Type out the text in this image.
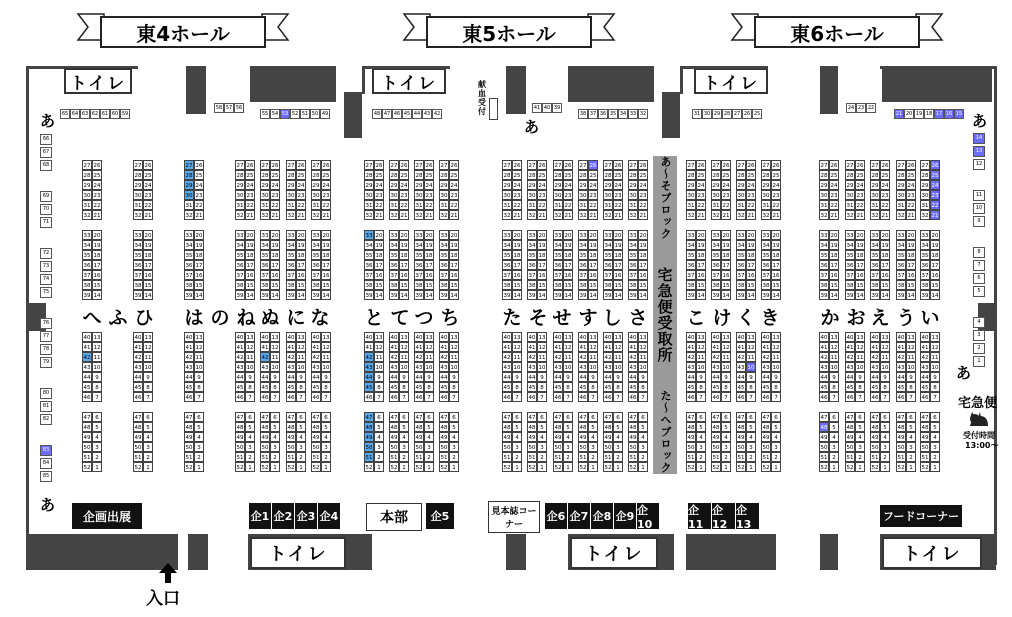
東4ホール	東5ホール	東6ホール
トイレ	トイレ	トイレ
献血受付
65 64 63 62 61 60 59
58 57 56
55 54 53 52 51 50 49	48 47 46 45 44 43 42
41 40 39
38 37 36 35 34 33 32	31 30 29 28 27 26 25
24 23 22
21 20 19 18 17 16 15
あ	あ	あ
あ
あ
66
67
68
69
70
71
72
73
74
75
76
77
78
79
80
81
82
83
84
85
14
13
12
11
10
9
8
7
6
5
4
3
2
1
27 26
28 25
29 24
30 23
31 22
32 21
33 20
34 19
35 18
36 17
37 16
38 15
39 14
40 13
41 12
42 11
43 10
44 9
45 8
46 7
47 6
48 5
49 4
50 3
51 2
52 1
27 26
28 25
29 24
30 23
31 22
32 21
33 20
34 19
35 18
36 17
37 16
38 15
39 14
40 13
41 12
42 11
43 10
44 9
45 8
46 7
47 6
48 5
49 4
50 3
51 2
52 1
27 26
28 25
29 24
30 23
31 22
32 21
33 20
34 19
35 18
36 17
37 16
38 15
39 14
40 13
41 12
42 11
43 10
44 9
45 8
46 7
47 6
48 5
49 4
50 3
51 2
52 1
27 26
28 25
29 24
30 23
31 22
32 21
33 20
34 19
35 18
36 17
37 16
38 15
39 14
40 13
41 12
42 11
43 10
44 9
45 8
46 7
47 6
48 5
49 4
50 3
51 2
52 1
27 26
28 25
29 24
30 23
31 22
32 21
33 20
34 19
35 18
36 17
37 16
38 15
39 14
40 13
41 12
42 11
43 10
44 9
45 8
46 7
47 6
48 5
49 4
50 3
51 2
52 1
27 26
28 25
29 24
30 23
31 22
32 21
33 20
34 19
35 18
36 17
37 16
38 15
39 14
40 13
41 12
42 11
43 10
44 9
45 8
46 7
47 6
48 5
49 4
50 3
51 2
52 1
27 26
28 25
29 24
30 23
31 22
32 21
33 20
34 19
35 18
36 17
37 16
38 15
39 14
40 13
41 12
42 11
43 10
44 9
45 8
46 7
47 6
48 5
49 4
50 3
51 2
52 1
27 26
28 25
29 24
30 23
31 22
32 21
33 20
34 19
35 18
36 17
37 16
38 15
39 14
40 13
41 12
42 11
43 10
44 9
45 8
46 7
47 6
48 5
49 4
50 3
51 2
52 1
27 26
28 25
29 24
30 23
31 22
32 21
33 20
34 19
35 18
36 17
37 16
38 15
39 14
40 13
41 12
42 11
43 10
44 9
45 8
46 7
47 6
48 5
49 4
50 3
51 2
52 1
27 26
28 25
29 24
30 23
31 22
32 21
33 20
34 19
35 18
36 17
37 16
38 15
39 14
40 13
41 12
42 11
43 10
44 9
45 8
46 7
47 6
48 5
49 4
50 3
51 2
52 1
27 26
28 25
29 24
30 23
31 22
32 21
33 20
34 19
35 18
36 17
37 16
38 15
39 14
40 13
41 12
42 11
43 10
44 9
45 8
46 7
47 6
48 5
49 4
50 3
51 2
52 1
27 26
28 25
29 24
30 23
31 22
32 21
33 20
34 19
35 18
36 17
37 16
38 15
39 14
40 13
41 12
42 11
43 10
44 9
45 8
46 7
47 6
48 5
49 4
50 3
51 2
52 1
27 26
28 25
29 24
30 23
31 22
32 21
33 20
34 19
35 18
36 17
37 16
38 15
39 14
40 13
41 12
42 11
43 10
44 9
45 8
46 7
47 6
48 5
49 4
50 3
51 2
52 1
27 26
28 25
29 24
30 23
31 22
32 21
33 20
34 19
35 18
36 17
37 16
38 15
39 14
40 13
41 12
42 11
43 10
44 9
45 8
46 7
47 6
48 5
49 4
50 3
51 2
52 1
27 26
28 25
29 24
30 23
31 22
32 21
33 20
34 19
35 18
36 17
37 16
38 15
39 14
40 13
41 12
42 11
43 10
44 9
45 8
46 7
47 6
48 5
49 4
50 3
51 2
52 1
27 26
28 25
29 24
30 23
31 22
32 21
33 20
34 19
35 18
36 17
37 16
38 15
39 14
40 13
41 12
42 11
43 10
44 9
45 8
46 7
47 6
48 5
49 4
50 3
51 2
52 1
27 26
28 25
29 24
30 23
31 22
32 21
33 20
34 19
35 18
36 17
37 16
38 15
39 14
40 13
41 12
42 11
43 10
44 9
45 8
46 7
47 6
48 5
49 4
50 3
51 2
52 1
27 26
28 25
29 24
30 23
31 22
32 21
33 20
34 19
35 18
36 17
37 16
38 15
39 14
40 13
41 12
42 11
43 10
44 9
45 8
46 7
47 6
48 5
49 4
50 3
51 2
52 1
27 26
28 25
29 24
30 23
31 22
32 21
33 20
34 19
35 18
36 17
37 16
38 15
39 14
40 13
41 12
42 11
43 10
44 9
45 8
46 7
47 6
48 5
49 4
50 3
51 2
52 1
27 26
28 25
29 24
30 23
31 22
32 21
33 20
34 19
35 18
36 17
37 16
38 15
39 14
40 13
41 12
42 11
43 10
44 9
45 8
46 7
47 6
48 5
49 4
50 3
51 2
52 1
27 26
28 25
29 24
30 23
31 22
32 21
33 20
34 19
35 18
36 17
37 16
38 15
39 14
40 13
41 12
42 11
43 10
44 9
45 8
46 7
47 6
48 5
49 4
50 3
51 2
52 1
27 26
28 25
29 24
30 23
31 22
32 21
33 20
34 19
35 18
36 17
37 16
38 15
39 14
40 13
41 12
42 11
43 10
44 9
45 8
46 7
47 6
48 5
49 4
50 3
51 2
52 1
27 26
28 25
29 24
30 23
31 22
32 21
33 20
34 19
35 18
36 17
37 16
38 15
39 14
40 13
41 12
42 11
43 10
44 9
45 8
46 7
47 6
48 5
49 4
50 3
51 2
52 1
27 26
28 25
29 24
30 23
31 22
32 21
33 20
34 19
35 18
36 17
37 16
38 15
39 14
40 13
41 12
42 11
43 10
44 9
45 8
46 7
47 6
48 5
49 4
50 3
51 2
52 1
27 26
28 25
29 24
30 23
31 22
32 21
33 20
34 19
35 18
36 17
37 16
38 15
39 14
40 13
41 12
42 11
43 10
44 9
45 8
46 7
47 6
48 5
49 4
50 3
51 2
52 1
27 26
28 25
29 24
30 23
31 22
32 21
33 20
34 19
35 18
36 17
37 16
38 15
39 14
40 13
41 12
42 11
43 10
44 9
45 8
46 7
47 6
48 5
49 4
50 3
51 2
52 1
へ ふ ひ は の ね ぬ に な と て つ ち た そ せ す し さ こ け く き か お え う い
あ〜そブロック
宅急便受取所
た〜へブロック	宅急便
受付時間
13:00〜
企画出展	企1 企2 企3 企4	本部	企5	見本誌コーナー
企6 企7 企8 企9 企10
企11
企12
企13
フードコーナー
トイレ	トイレ	トイレ
入口
